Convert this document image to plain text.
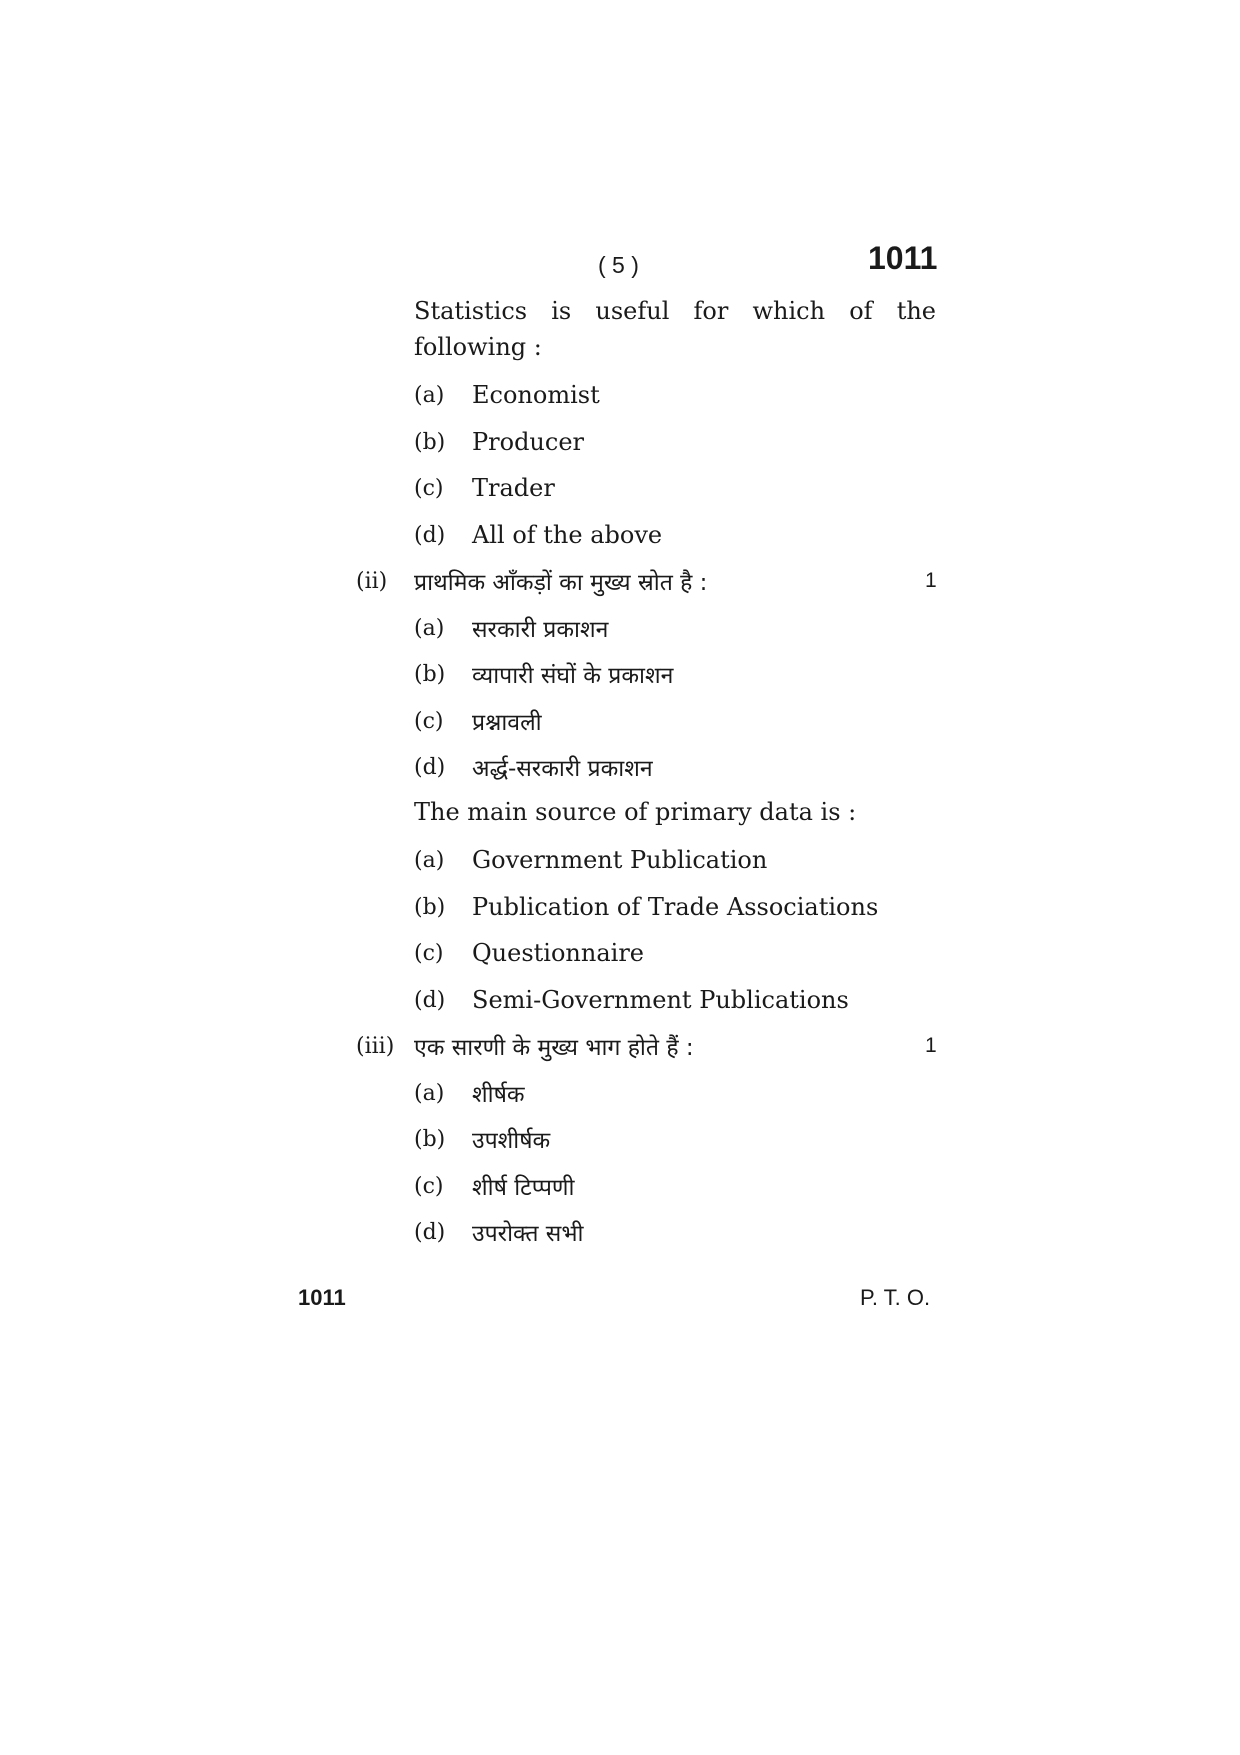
( 5 )	1011
Statistics is useful for which of the
following :
(a) Economist
(b) Producer
(c) Trader
(d) All of the above
(ii) प्राथमिक आँकड़ों का मुख्य स्रोत है :	1
(a) सरकारी प्रकाशन
(b) व्यापारी संघों के प्रकाशन
(c) प्रश्नावली
(d) अर्द्ध-सरकारी प्रकाशन
The main source of primary data is :
(a) Government Publication
(b) Publication of Trade Associations
(c) Questionnaire
(d) Semi-Government Publications
(iii) एक सारणी के मुख्य भाग होते हैं :	1
(a) शीर्षक
(b) उपशीर्षक
(c) शीर्ष टिप्पणी
(d) उपरोक्त सभी
1011	P. T. O.
